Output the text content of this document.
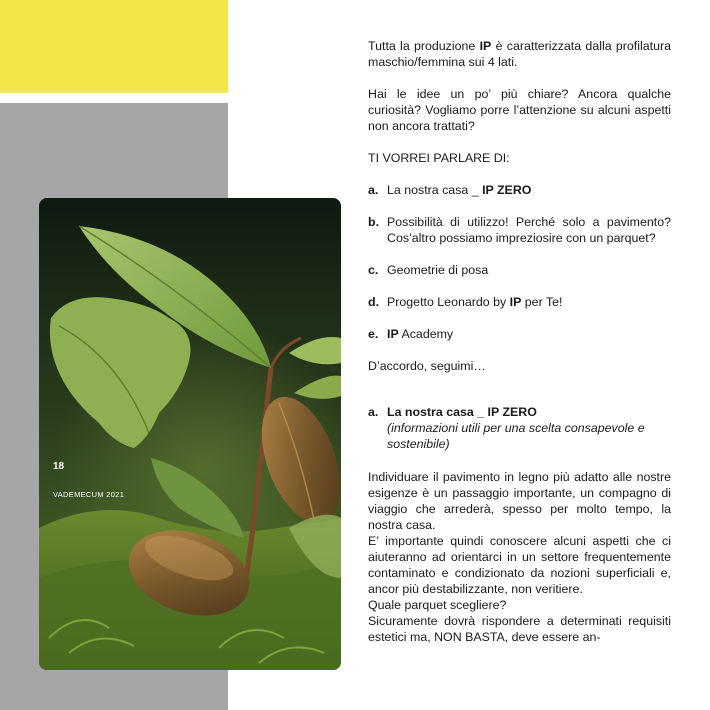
18
VADEMECUM 2021

Tutta la produzione IP è caratterizzata dalla profilatura maschio/femmina sui 4 lati.

Hai le idee un po’ più chiare? Ancora qualche curiosità? Vogliamo porre l’attenzione su alcuni aspetti non ancora trattati?

TI VORREI PARLARE DI:

a. La nostra casa _ IP ZERO
b. Possibilità di utilizzo! Perché solo a pavimento? Cos’altro possiamo impreziosire con un parquet?
c. Geometrie di posa
d. Progetto Leonardo by IP per Te!
e. IP Academy

D’accordo, seguimi…

a. La nostra casa _ IP ZERO
(informazioni utili per una scelta consapevole e sostenibile)

Individuare il pavimento in legno più adatto alle nostre esigenze è un passaggio importante, un compagno di viaggio che arrederà, spesso per molto tempo, la nostra casa.

E’ importante quindi conoscere alcuni aspetti che ci aiuteranno ad orientarci in un settore frequentemente contaminato e condizionato da nozioni superficiali e, ancor più destabilizzante, non veritiere.

Quale parquet scegliere?

Sicuramente dovrà rispondere a determinati requisiti estetici ma, NON BASTA, deve essere an-
